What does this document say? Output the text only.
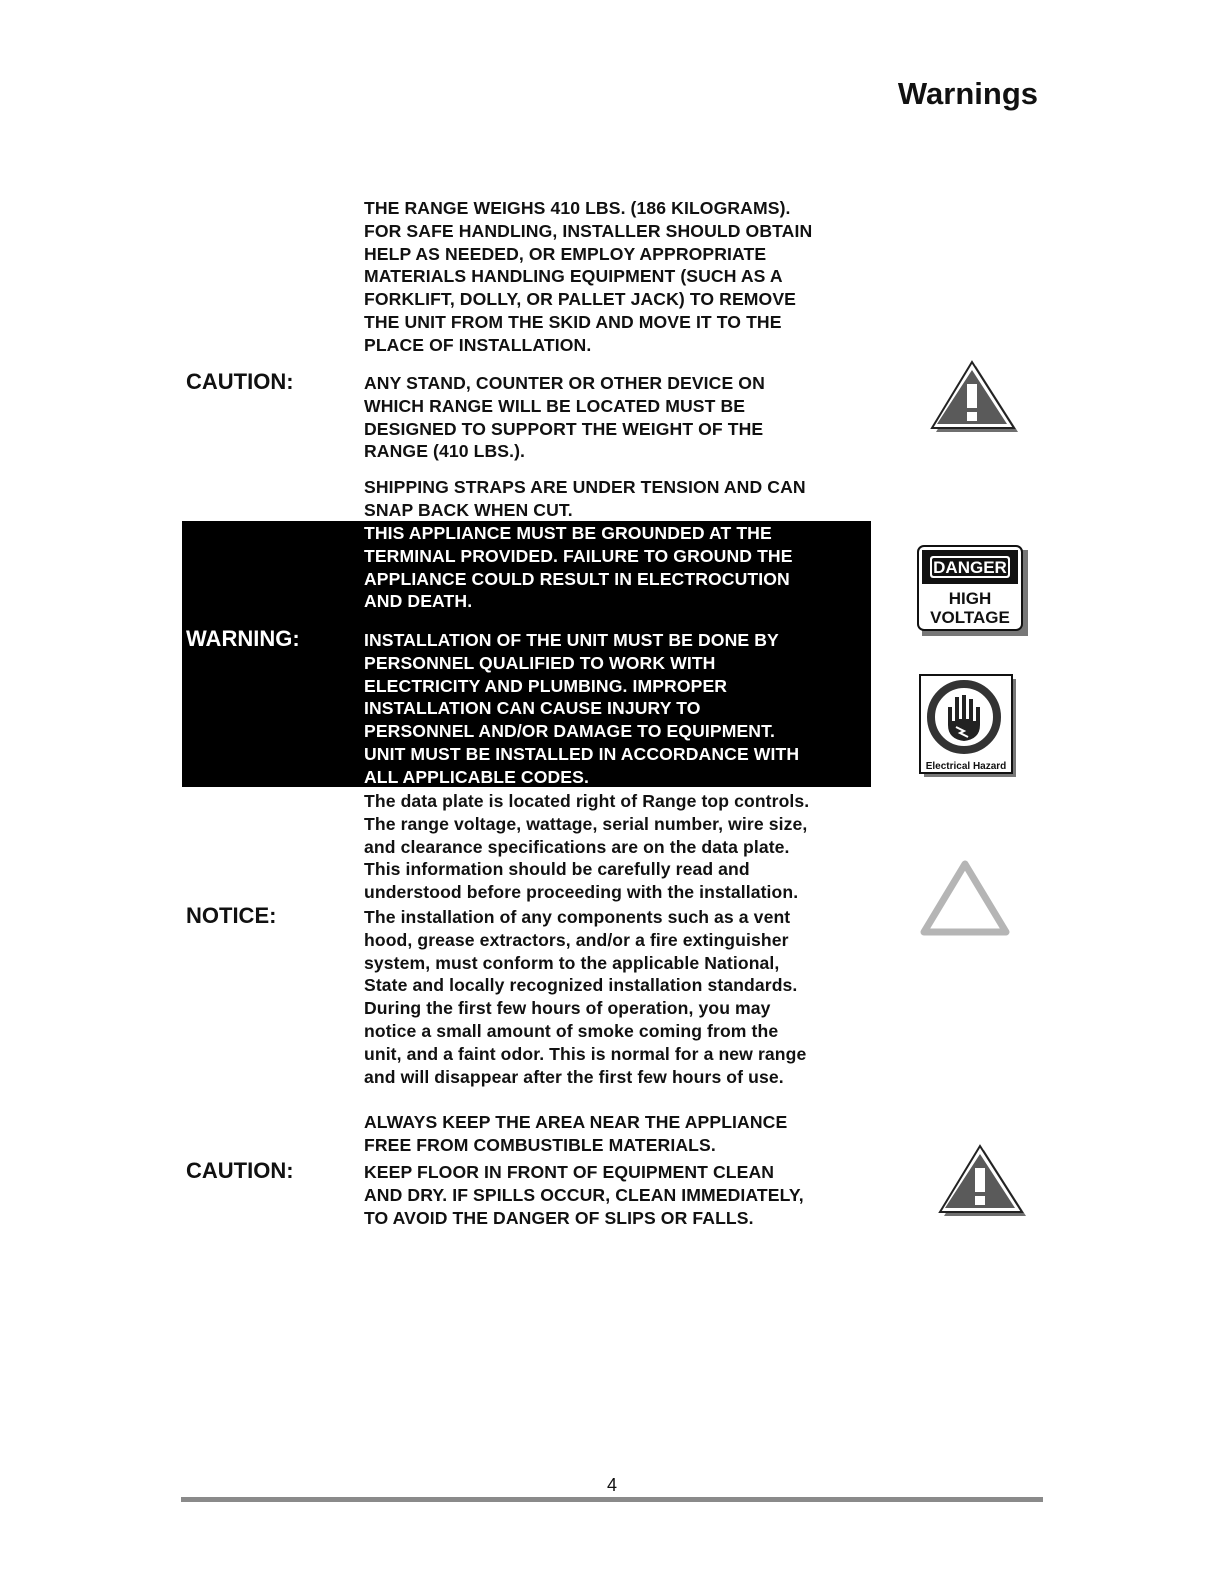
Warnings
THE RANGE WEIGHS 410 LBS. (186 KILOGRAMS).
FOR SAFE HANDLING, INSTALLER SHOULD OBTAIN
HELP AS NEEDED, OR EMPLOY APPROPRIATE
MATERIALS HANDLING EQUIPMENT (SUCH AS A
FORKLIFT, DOLLY, OR PALLET JACK) TO REMOVE
THE UNIT FROM THE SKID AND MOVE IT TO THE
PLACE OF INSTALLATION.
CAUTION:	ANY STAND, COUNTER OR OTHER DEVICE ON
WHICH RANGE WILL BE LOCATED MUST BE
DESIGNED TO SUPPORT THE WEIGHT OF THE
RANGE (410 LBS.).
SHIPPING STRAPS ARE UNDER TENSION AND CAN
SNAP BACK WHEN CUT.
THIS APPLIANCE MUST BE GROUNDED AT THE
TERMINAL PROVIDED. FAILURE TO GROUND THE
APPLIANCE COULD RESULT IN ELECTROCUTION
AND DEATH.
WARNING:	INSTALLATION OF THE UNIT MUST BE DONE BY
PERSONNEL QUALIFIED TO WORK WITH
ELECTRICITY AND PLUMBING. IMPROPER
INSTALLATION CAN CAUSE INJURY TO
PERSONNEL AND/OR DAMAGE TO EQUIPMENT.
UNIT MUST BE INSTALLED IN ACCORDANCE WITH
ALL APPLICABLE CODES.
DANGER
HIGH
VOLTAGE
Electrical Hazard
The data plate is located right of Range top controls.
The range voltage, wattage, serial number, wire size,
and clearance specifications are on the data plate.
This information should be carefully read and
understood before proceeding with the installation.
NOTICE:	The installation of any components such as a vent
hood, grease extractors, and/or a fire extinguisher
system, must conform to the applicable National,
State and locally recognized installation standards.
During the first few hours of operation, you may
notice a small amount of smoke coming from the
unit, and a faint odor. This is normal for a new range
and will disappear after the first few hours of use.
ALWAYS KEEP THE AREA NEAR THE APPLIANCE
FREE FROM COMBUSTIBLE MATERIALS.
CAUTION:	KEEP FLOOR IN FRONT OF EQUIPMENT CLEAN
AND DRY. IF SPILLS OCCUR, CLEAN IMMEDIATELY,
TO AVOID THE DANGER OF SLIPS OR FALLS.
4
